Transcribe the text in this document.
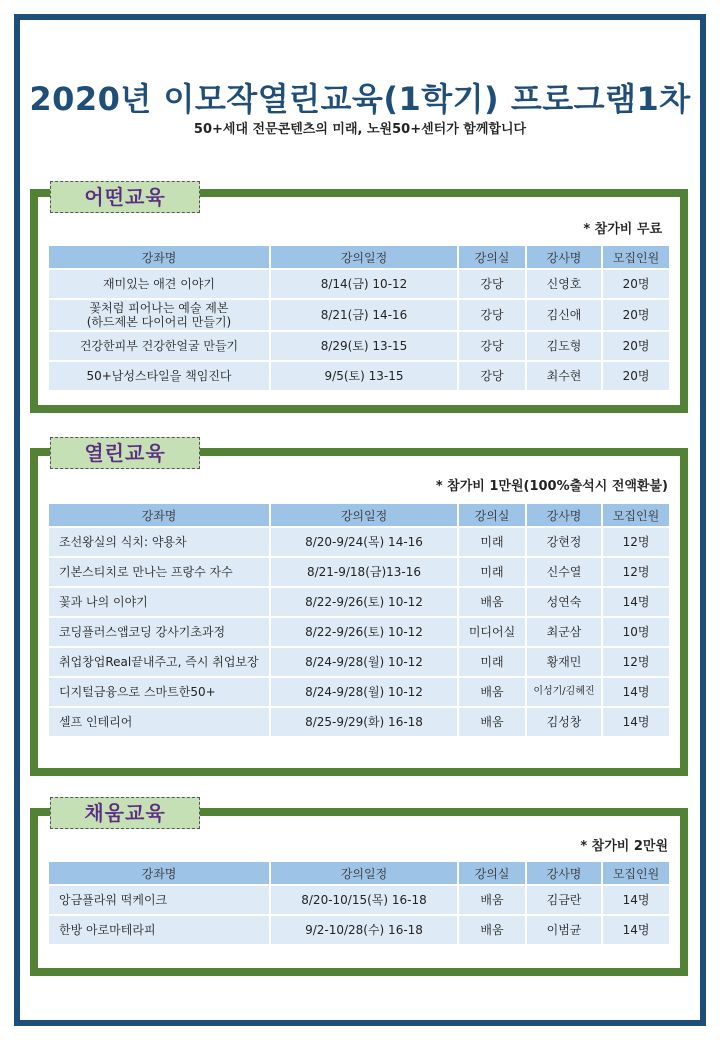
2020년 이모작열린교육(1학기) 프로그램1차
50+세대 전문콘텐츠의 미래, 노원50+센터가 함께합니다
어떤교육
* 참가비 무료
강좌명	강의일정	강의실	강사명	모집인원
재미있는 애견 이야기	8/14(금) 10-12	강당	신영호	20명
꽃처럼 피어나는 예술 제본
(하드제본 다이어리 만들기)	8/21(금) 14-16	강당	김신애	20명
건강한피부 건강한얼굴 만들기	8/29(토) 13-15	강당	김도형	20명
50+남성스타일을 책임진다	9/5(토) 13-15	강당	최수현	20명
열린교육
* 참가비 1만원(100%출석시 전액환불)
강좌명	강의일정	강의실	강사명	모집인원
조선왕실의 식치: 약용차	8/20-9/24(목) 14-16	미래	강현정	12명
기본스티치로 만나는 프랑수 자수	8/21-9/18(금)13-16	미래	신수열	12명
꽃과 나의 이야기	8/22-9/26(토) 10-12	배움	성연숙	14명
코딩플러스앱코딩 강사기초과정	8/22-9/26(토) 10-12	미디어실	최군삼	10명
취업창업Real끝내주고, 즉시 취업보장	8/24-9/28(월) 10-12	미래	황재민	12명
디지털금융으로 스마트한50+	8/24-9/28(월) 10-12	배움	이성기/김혜진	14명
셀프 인테리어	8/25-9/29(화) 16-18	배움	김성창	14명
채움교육
* 참가비 2만원
강좌명	강의일정	강의실	강사명	모집인원
앙금플라워 떡케이크	8/20-10/15(목) 16-18	배움	김금란	14명
한방 아로마테라피	9/2-10/28(수) 16-18	배움	이범균	14명
